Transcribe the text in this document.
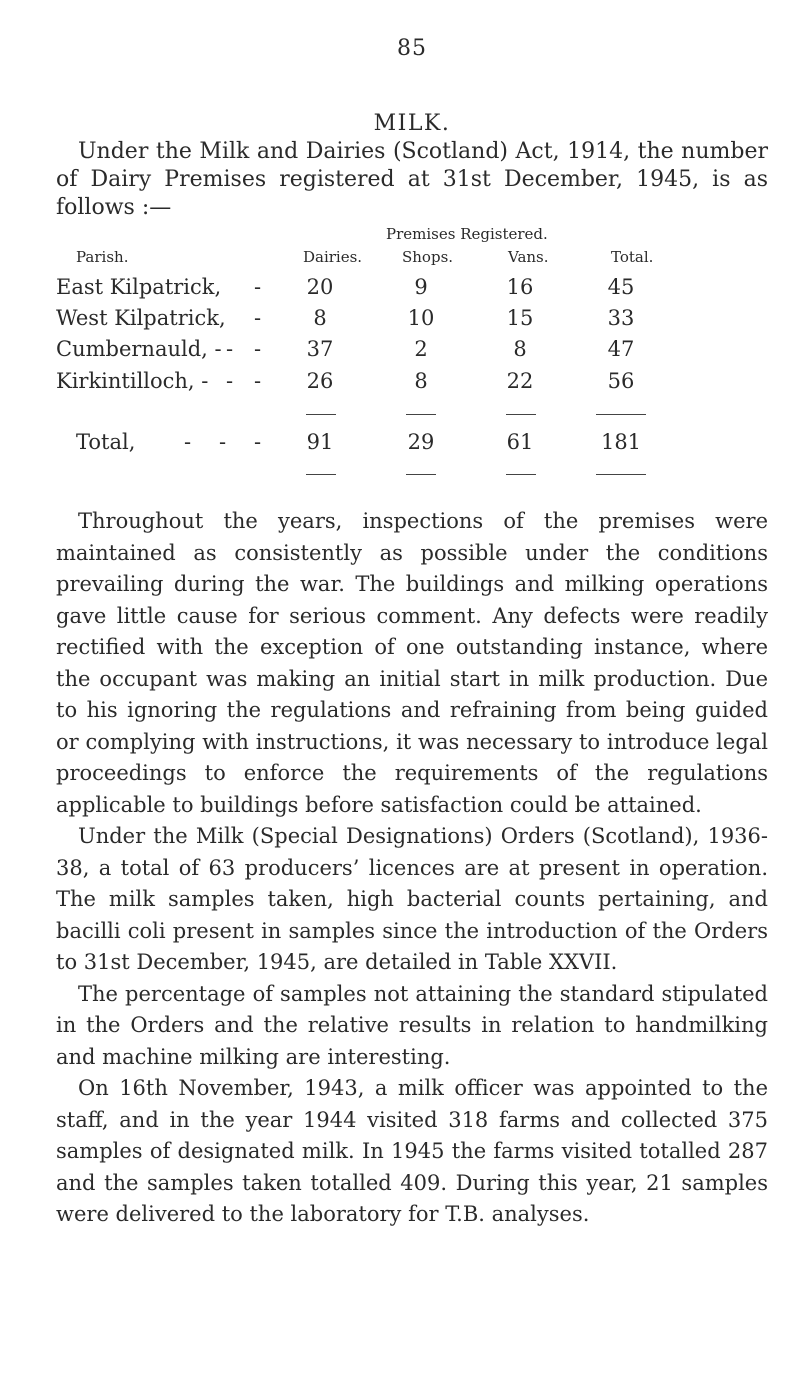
85
MILK.
Under the Milk and Dairies (Scotland) Act, 1914, the number of Dairy Premises registered at 31st December, 1945, is as follows :—
Premises Registered.
Parish.	Dairies.	Shops.	Vans.	Total.
East Kilpatrick, -	20	9	16	45
West Kilpatrick, -	8	10	15	33
Cumbernauld, - - -	37	2	8	47
Kirkintilloch, - - -	26	8	22	56
Total, - - -	91	29	61	181

Throughout the years, inspections of the premises were maintained as consistently as possible under the conditions prevailing during the war. The buildings and milking operations gave little cause for serious comment. Any defects were readily rectified with the exception of one outstanding instance, where the occupant was making an initial start in milk production. Due to his ignoring the regulations and refraining from being guided or complying with instructions, it was necessary to introduce legal proceedings to enforce the requirements of the regulations applicable to buildings before satisfaction could be attained.

Under the Milk (Special Designations) Orders (Scotland), 1936-38, a total of 63 producers’ licences are at present in operation. The milk samples taken, high bacterial counts pertaining, and bacilli coli present in samples since the introduction of the Orders to 31st December, 1945, are detailed in Table XXVII.

The percentage of samples not attaining the standard stipulated in the Orders and the relative results in relation to handmilking and machine milking are interesting.

On 16th November, 1943, a milk officer was appointed to the staff, and in the year 1944 visited 318 farms and collected 375 samples of designated milk. In 1945 the farms visited totalled 287 and the samples taken totalled 409. During this year, 21 samples were delivered to the laboratory for T.B. analyses.
